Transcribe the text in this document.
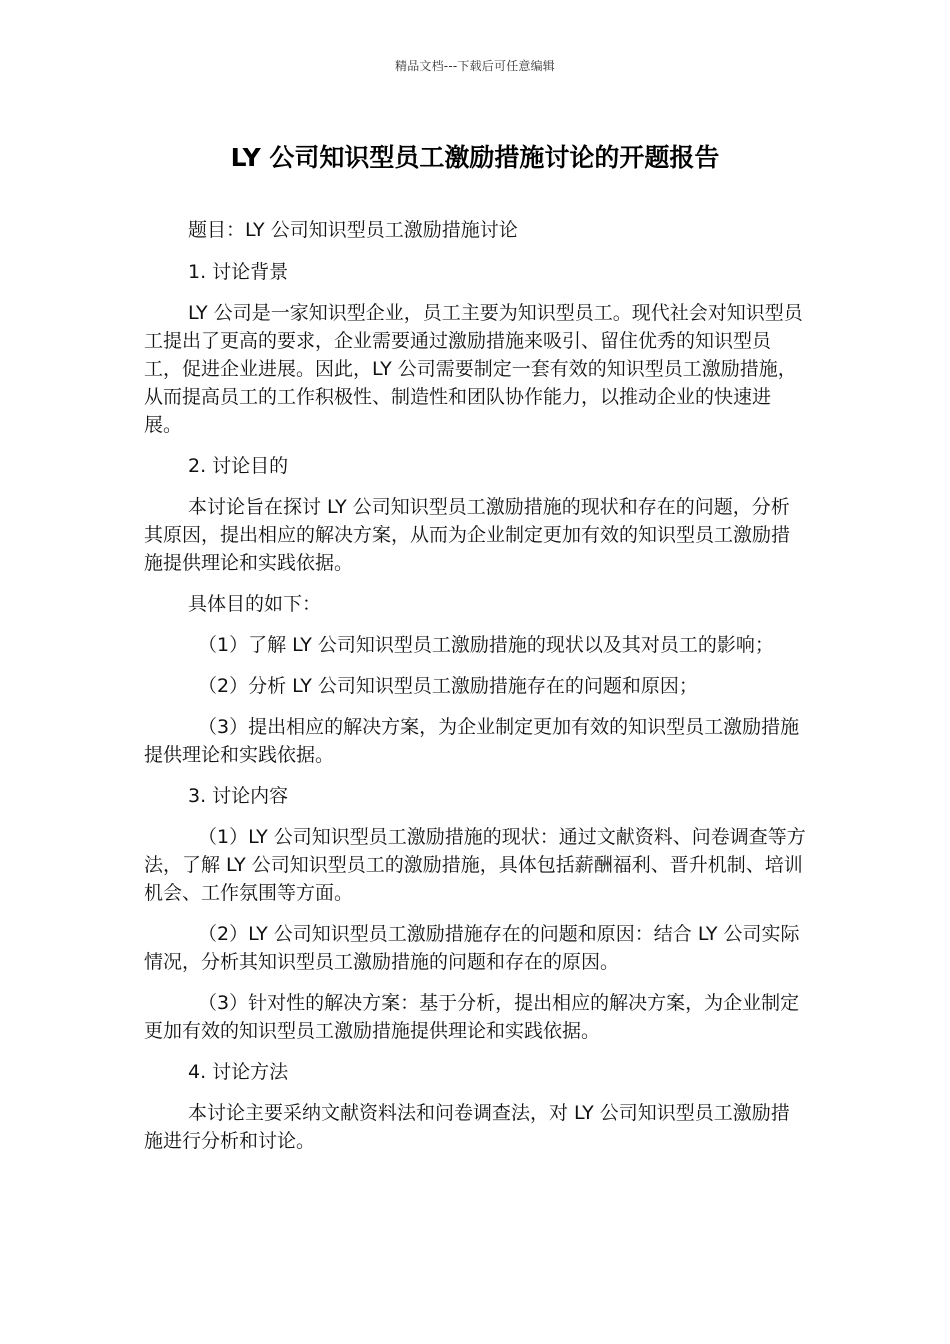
精品文档---下载后可任意编辑
LY 公司知识型员工激励措施讨论的开题报告

题目：LY 公司知识型员工激励措施讨论

1. 讨论背景

LY 公司是一家知识型企业，员工主要为知识型员工。现代社会对知识型员工提出了更高的要求，企业需要通过激励措施来吸引、留住优秀的知识型员工，促进企业进展。因此，LY 公司需要制定一套有效的知识型员工激励措施，从而提高员工的工作积极性、制造性和团队协作能力，以推动企业的快速进展。

2. 讨论目的

本讨论旨在探讨 LY 公司知识型员工激励措施的现状和存在的问题，分析其原因，提出相应的解决方案，从而为企业制定更加有效的知识型员工激励措施提供理论和实践依据。

具体目的如下：

（1）了解 LY 公司知识型员工激励措施的现状以及其对员工的影响；

（2）分析 LY 公司知识型员工激励措施存在的问题和原因；

（3）提出相应的解决方案，为企业制定更加有效的知识型员工激励措施提供理论和实践依据。

3. 讨论内容

（1）LY 公司知识型员工激励措施的现状：通过文献资料、问卷调查等方法，了解 LY 公司知识型员工的激励措施，具体包括薪酬福利、晋升机制、培训机会、工作氛围等方面。

（2）LY 公司知识型员工激励措施存在的问题和原因：结合 LY 公司实际情况，分析其知识型员工激励措施的问题和存在的原因。

（3）针对性的解决方案：基于分析，提出相应的解决方案，为企业制定更加有效的知识型员工激励措施提供理论和实践依据。

4. 讨论方法

本讨论主要采纳文献资料法和问卷调查法，对 LY 公司知识型员工激励措施进行分析和讨论。
